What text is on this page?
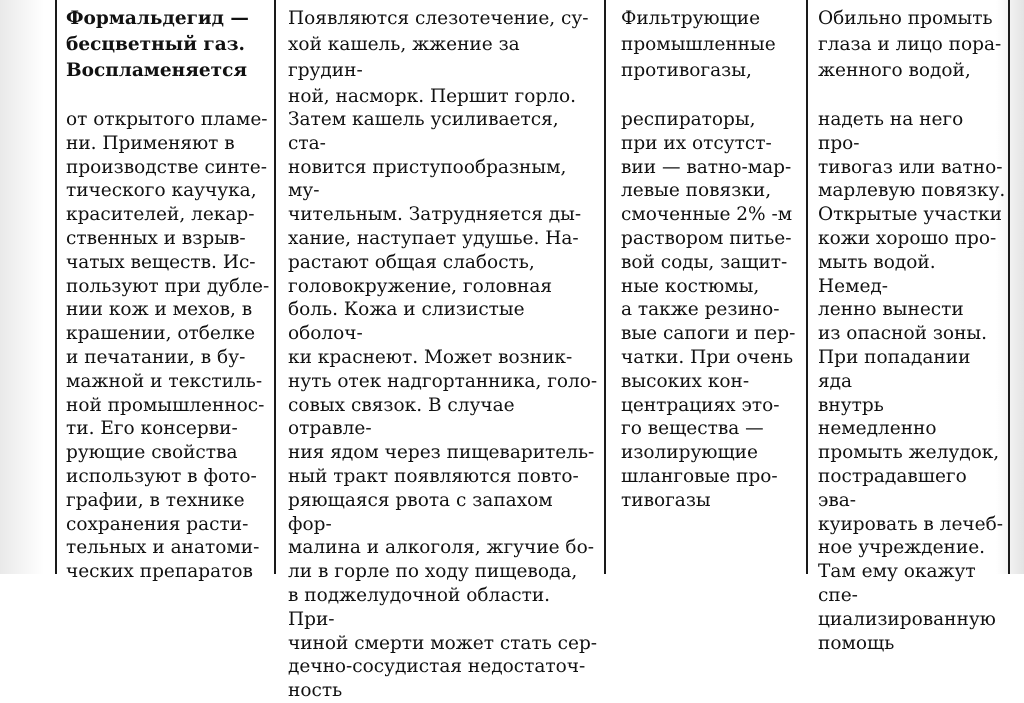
Формальдегид —
бесцветный газ.
Воспламеняется
от открытого пламе-
ни. Применяют в
производстве синте-
тического каучука,
красителей, лекар-
ственных и взрыв-
чатых веществ. Ис-
пользуют при дубле-
нии кож и мехов, в
крашении, отбелке
и печатании, в бу-
мажной и текстиль-
ной промышленнос-
ти. Его консерви-
рующие свойства
используют в фото-
графии, в технике
сохранения расти-
тельных и анатоми-
ческих препаратов
Появляются слезотечение, су-
хой кашель, жжение за грудин-
ной, насморк. Першит горло.
Затем кашель усиливается, ста-
новится приступообразным, му-
чительным. Затрудняется ды-
хание, наступает удушье. На-
растают общая слабость,
головокружение, головная
боль. Кожа и слизистые оболоч-
ки краснеют. Может возник-
нуть отек надгортанника, голо-
совых связок. В случае отравле-
ния ядом через пищеваритель-
ный тракт появляются повто-
ряющаяся рвота с запахом фор-
малина и алкоголя, жгучие бо-
ли в горле по ходу пищевода,
в поджелудочной области. При-
чиной смерти может стать сер-
дечно-сосудистая недостаточ-
ность
Фильтрующие
промышленные
противогазы,
респираторы,
при их отсутст-
вии — ватно-мар-
левые повязки,
смоченные 2% -м
раствором питье-
вой соды, защит-
ные костюмы,
а также резино-
вые сапоги и пер-
чатки. При очень
высоких кон-
центрациях это-
го вещества —
изолирующие
шланговые про-
тивогазы
Обильно промыть
глаза и лицо пора-
женного водой,
надеть на него про-
тивогаз или ватно-
марлевую повязку.
Открытые участки
кожи хорошо про-
мыть водой. Немед-
ленно вынести
из опасной зоны.
При попадании яда
внутрь немедленно
промыть желудок,
пострадавшего эва-
куировать в лечеб-
ное учреждение.
Там ему окажут спе-
циализированную
помощь
